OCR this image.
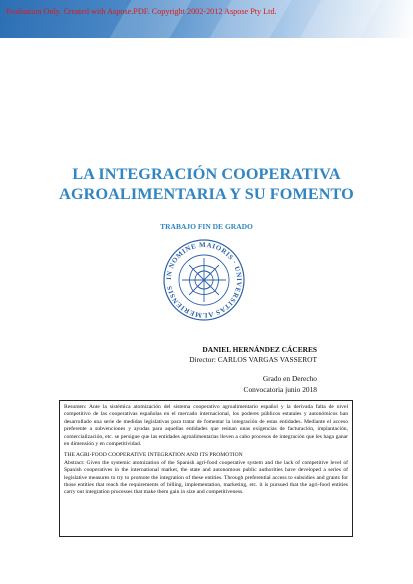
Evaluation Only. Created with Aspose.PDF. Copyright 2002-2012 Aspose Pty Ltd.
LA INTEGRACIÓN COOPERATIVA
AGROALIMENTARIA Y SU FOMENTO
TRABAJO FIN DE GRADO
IN NOMINE MAIORIS · UNIVERSITAS ALMERIENSIS
DANIEL HERNÁNDEZ CÁCERES
Director: CARLOS VARGAS VASSEROT
Grado en Derecho
Convocatoria junio 2018

Resumen: Ante la sistémica atomización del sistema cooperativo agroalimentario español y la derivada falta de nivel competitivo de las cooperativas españolas en el mercado internacional, los poderes públicos estatales y autonómicos han desarrollado una serie de medidas legislativas para tratar de fomentar la integración de estas entidades. Mediante el acceso preferente a subvenciones y ayudas para aquellas entidades que reúnan unas exigencias de facturación, implantación, comercialización, etc. se persigue que las entidades agroalimentarias lleven a cabo procesos de integración que les haga ganar en dimensión y en competitividad.

THE AGRI-FOOD COOPERATIVE INTEGRATION AND ITS PROMOTION

Abstract: Given the systemic atomization of the Spanish agri-food cooperative system and the lack of competitive level of Spanish cooperatives in the international market, the state and autonomous public authorities have developed a series of legislative measures to try to promote the integration of these entities. Through preferential access to subsidies and grants for those entities that reach the requirements of billing, implementation, marketing, etc. it is pursued that the agri-food entities carry out integration processes that make them gain in size and competitiveness.
